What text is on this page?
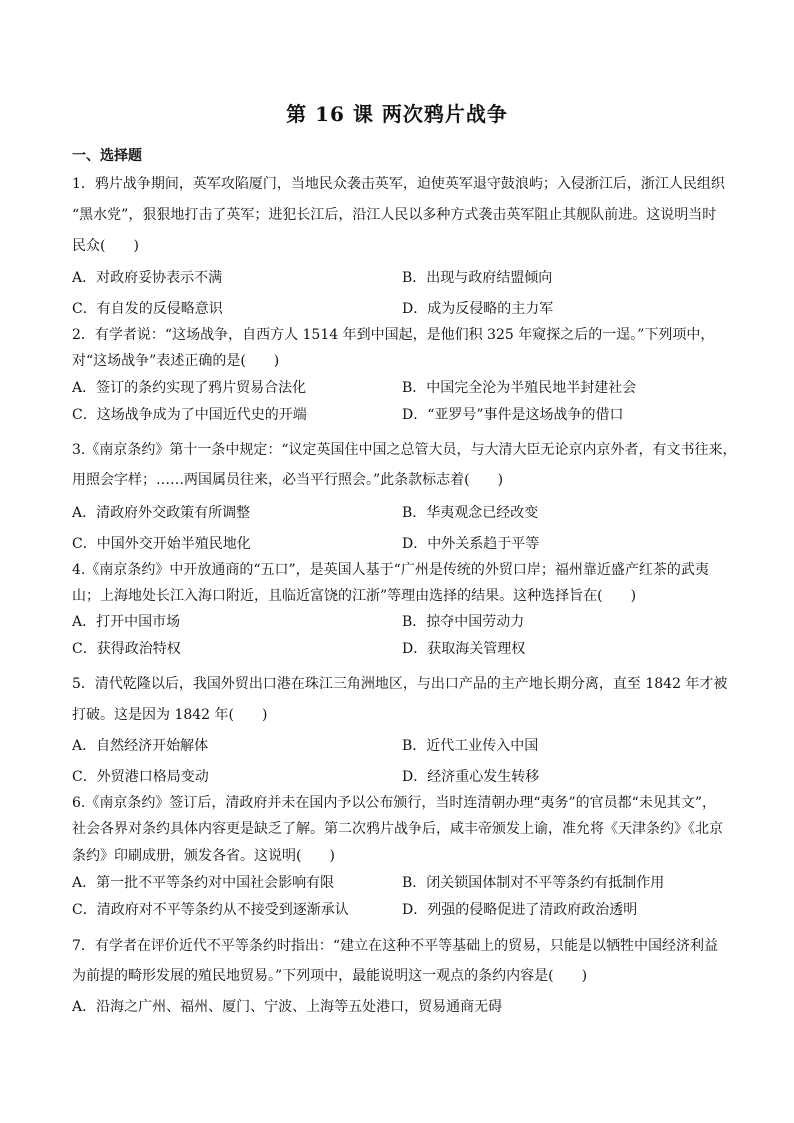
第 16 课 两次鸦片战争
一、选择题
1．鸦片战争期间，英军攻陷厦门，当地民众袭击英军，迫使英军退守鼓浪屿；入侵浙江后，浙江人民组织
“黑水党”，狠狠地打击了英军；进犯长江后，沿江人民以多种方式袭击英军阻止其舰队前进。这说明当时
民众(　　)
A．对政府妥协表示不满	B．出现与政府结盟倾向
C．有自发的反侵略意识	D．成为反侵略的主力军
2．有学者说：“这场战争，自西方人 1514 年到中国起，是他们积 325 年窥探之后的一逞。”下列项中，
对“这场战争”表述正确的是(　　)
A．签订的条约实现了鸦片贸易合法化	B．中国完全沦为半殖民地半封建社会
C．这场战争成为了中国近代史的开端	D．“亚罗号”事件是这场战争的借口
3.《南京条约》第十一条中规定：“议定英国住中国之总管大员，与大清大臣无论京内京外者，有文书往来，
用照会字样；……两国属员往来，必当平行照会。”此条款标志着(　　)
A．清政府外交政策有所调整	B．华夷观念已经改变
C．中国外交开始半殖民地化	D．中外关系趋于平等
4.《南京条约》中开放通商的“五口”，是英国人基于“广州是传统的外贸口岸；福州靠近盛产红茶的武夷
山；上海地处长江入海口附近，且临近富饶的江浙”等理由选择的结果。这种选择旨在(　　)
A．打开中国市场	B．掠夺中国劳动力
C．获得政治特权	D．获取海关管理权
5．清代乾隆以后，我国外贸出口港在珠江三角洲地区，与出口产品的主产地长期分离，直至 1842 年才被
打破。这是因为 1842 年(　　)
A．自然经济开始解体	B．近代工业传入中国
C．外贸港口格局变动	D．经济重心发生转移
6.《南京条约》签订后，清政府并未在国内予以公布颁行，当时连清朝办理“夷务”的官员都“未见其文”，
社会各界对条约具体内容更是缺乏了解。第二次鸦片战争后，咸丰帝颁发上谕，准允将《天津条约》《北京
条约》印刷成册，颁发各省。这说明(　　)
A．第一批不平等条约对中国社会影响有限	B．闭关锁国体制对不平等条约有抵制作用
C．清政府对不平等条约从不接受到逐渐承认	D．列强的侵略促进了清政府政治透明
7．有学者在评价近代不平等条约时指出：“建立在这种不平等基础上的贸易，只能是以牺牲中国经济利益
为前提的畸形发展的殖民地贸易。”下列项中，最能说明这一观点的条约内容是(　　)
A．沿海之广州、福州、厦门、宁波、上海等五处港口，贸易通商无碍
